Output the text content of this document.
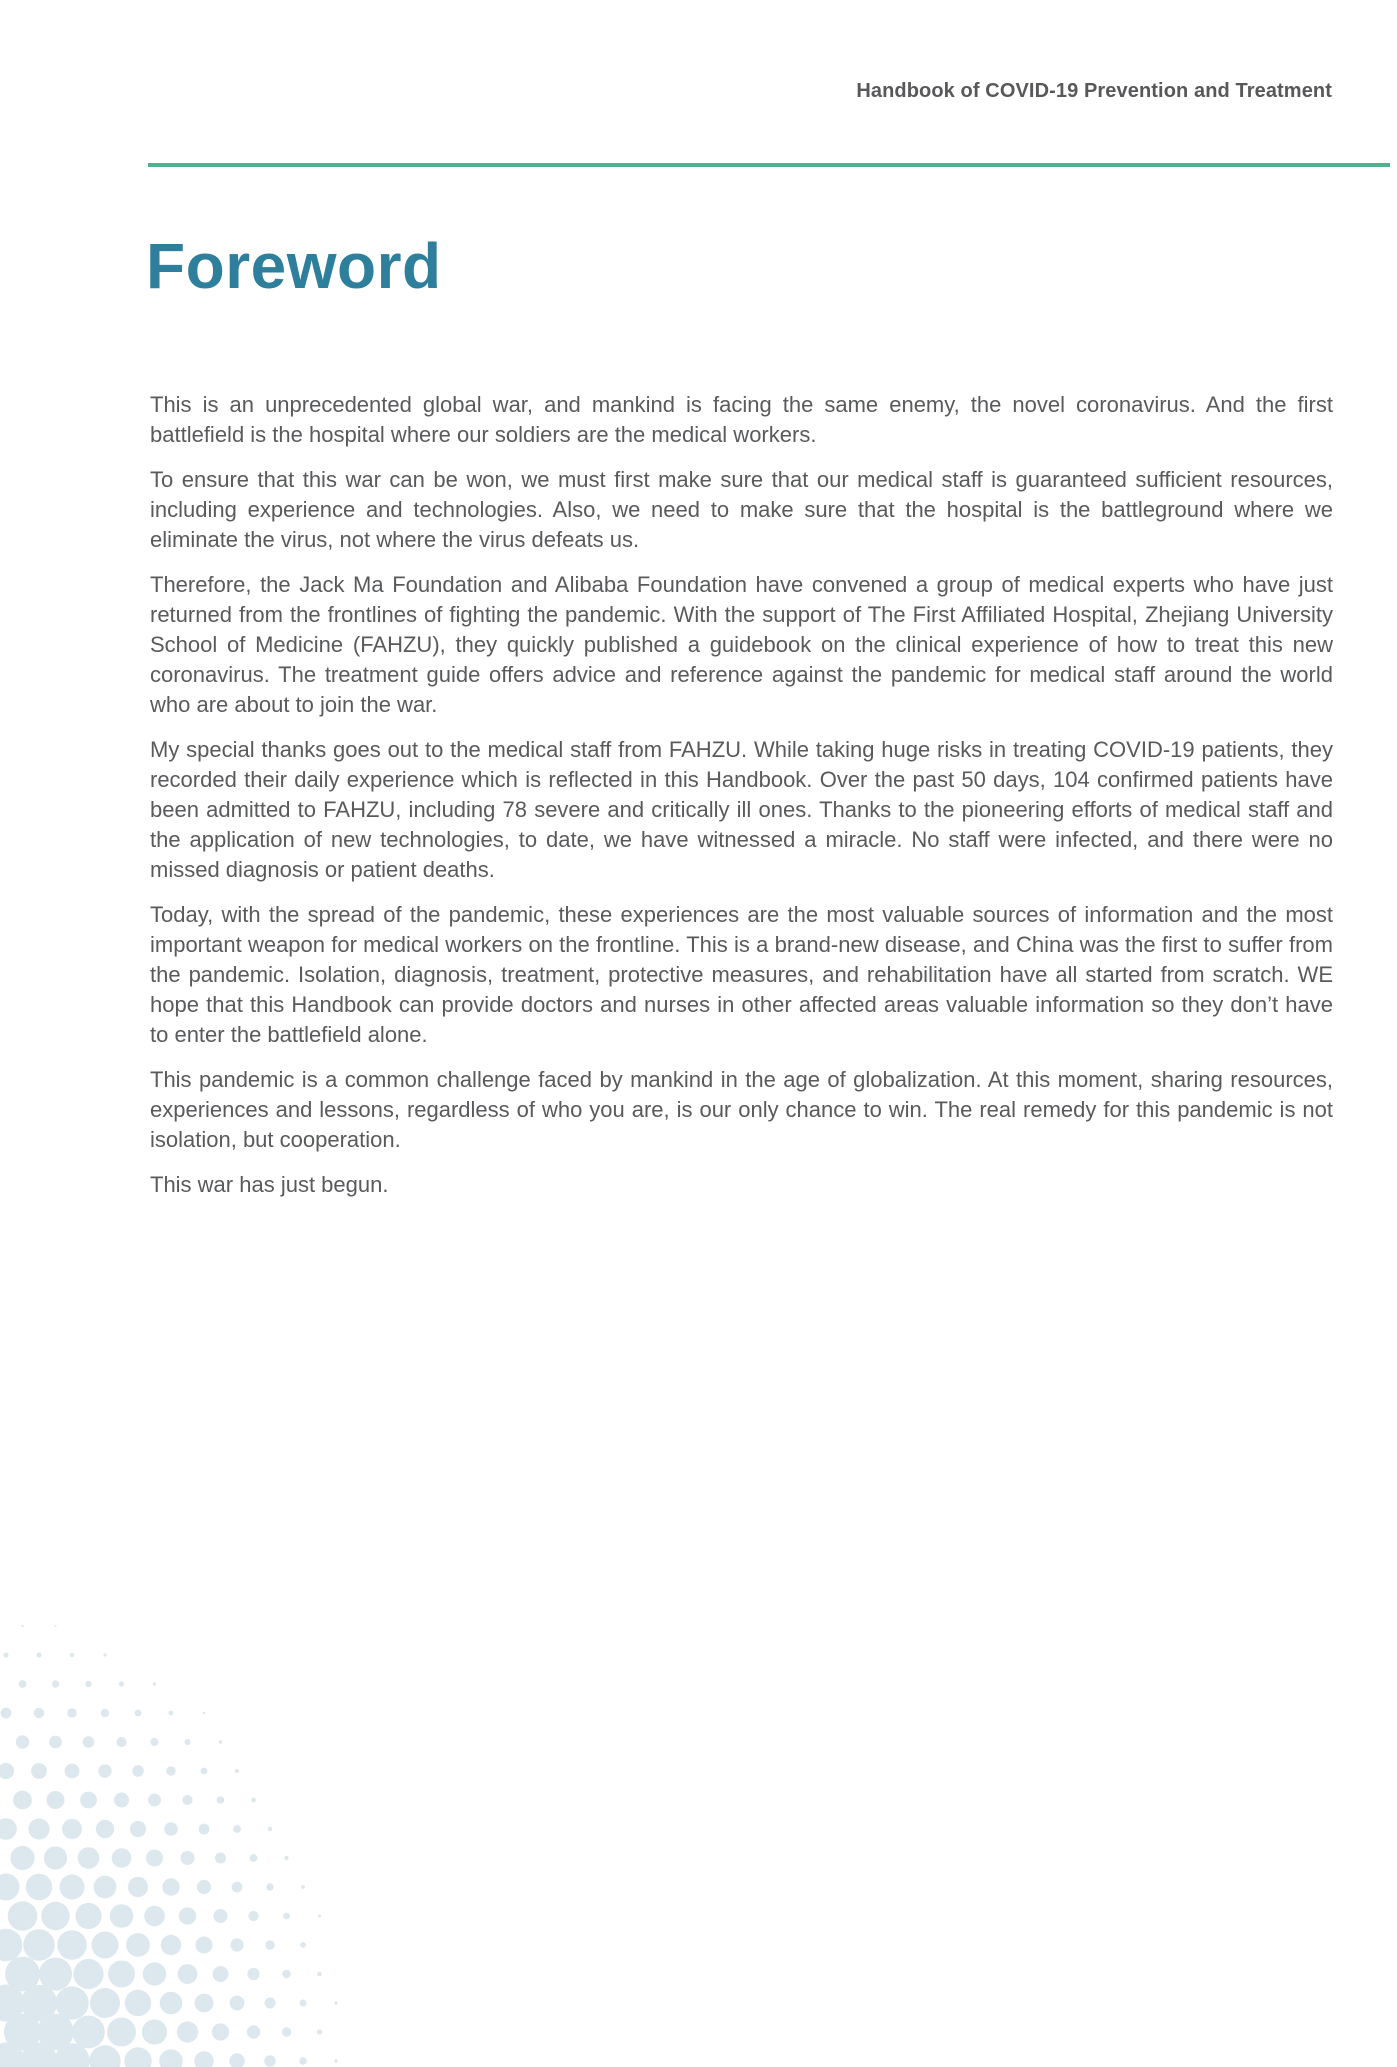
Handbook of COVID-19 Prevention and Treatment
Foreword

This is an unprecedented global war, and mankind is facing the same enemy, the novel coronavirus. And the first battlefield is the hospital where our soldiers are the medical workers.

To ensure that this war can be won, we must first make sure that our medical staff is guaranteed sufficient resources, including experience and technologies. Also, we need to make sure that the hospital is the battleground where we eliminate the virus, not where the virus defeats us.

Therefore, the Jack Ma Foundation and Alibaba Foundation have convened a group of medical experts who have just returned from the frontlines of fighting the pandemic. With the support of The First Affiliated Hospital, Zhejiang University School of Medicine (FAHZU), they quickly published a guidebook on the clinical experience of how to treat this new coronavirus. The treatment guide offers advice and reference against the pandemic for medical staff around the world who are about to join the war.

My special thanks goes out to the medical staff from FAHZU. While taking huge risks in treating COVID-19 patients, they recorded their daily experience which is reflected in this Handbook. Over the past 50 days, 104 confirmed patients have been admitted to FAHZU, including 78 severe and critically ill ones. Thanks to the pioneering efforts of medical staff and the application of new technologies, to date, we have witnessed a miracle. No staff were infected, and there were no missed diagnosis or patient deaths.

Today, with the spread of the pandemic, these experiences are the most valuable sources of information and the most important weapon for medical workers on the frontline. This is a brand-new disease, and China was the first to suffer from the pandemic. Isolation, diagnosis, treatment, protective measures, and rehabilitation have all started from scratch. WE hope that this Handbook can provide doctors and nurses in other affected areas valuable information so they don’t have to enter the battlefield alone.

This pandemic is a common challenge faced by mankind in the age of globalization. At this moment, sharing resources, experiences and lessons, regardless of who you are, is our only chance to win. The real remedy for this pandemic is not isolation, but cooperation.

This war has just begun.
